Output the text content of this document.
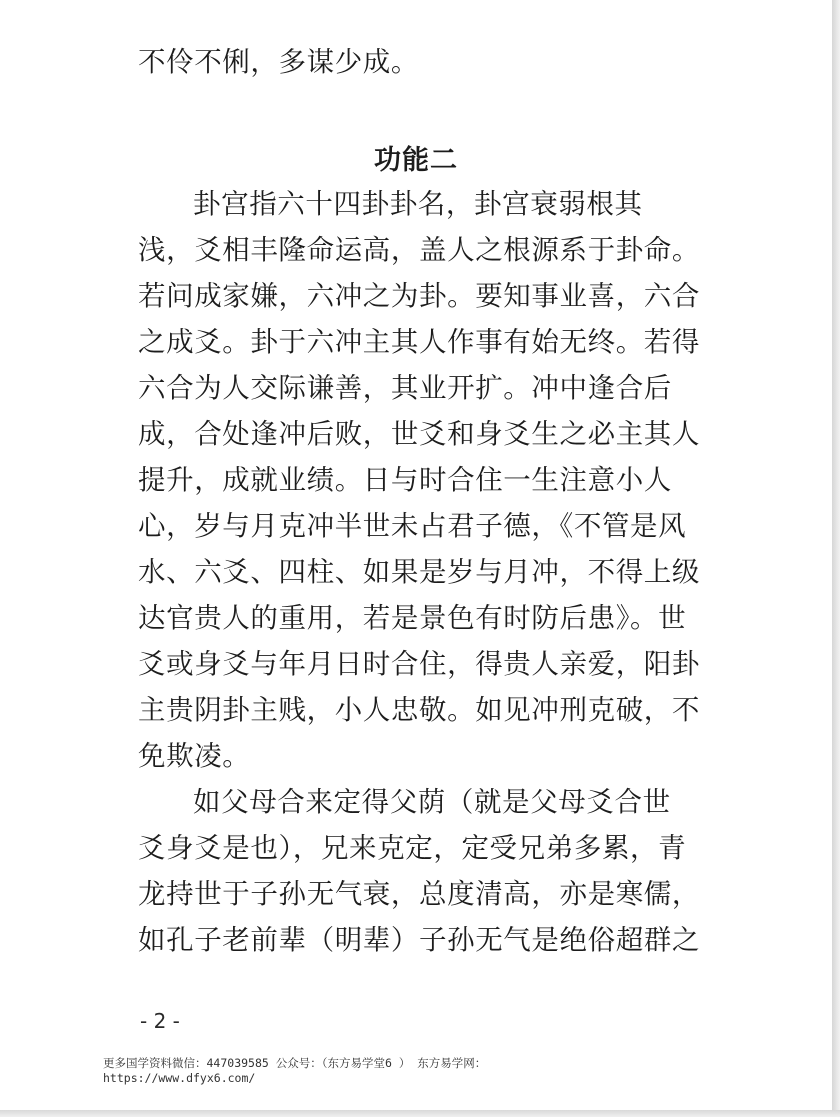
不伶不俐，多谋少成。
功能二
卦宫指六十四卦卦名，卦宫衰弱根其
浅，爻相丰隆命运高，盖人之根源系于卦命。
若问成家嫌，六冲之为卦。要知事业喜，六合
之成爻。卦于六冲主其人作事有始无终。若得
六合为人交际谦善，其业开扩。冲中逢合后
成，合处逢冲后败，世爻和身爻生之必主其人
提升，成就业绩。日与时合住一生注意小人
心，岁与月克冲半世未占君子德，《不管是风
水、六爻、四柱、如果是岁与月冲，不得上级
达官贵人的重用，若是景色有时防后患》。世
爻或身爻与年月日时合住，得贵人亲爱，阳卦
主贵阴卦主贱，小人忠敬。如见冲刑克破，不
免欺凌。
如父母合来定得父荫（就是父母爻合世
爻身爻是也），兄来克定，定受兄弟多累，青
龙持世于子孙无气衰，总度清高，亦是寒儒，
如孔子老前辈（明辈）子孙无气是绝俗超群之
- 2 -
更多国学资料微信：447039585 公众号：（东方易学堂6 ） 东方易学网：
https://www.dfyx6.com/
